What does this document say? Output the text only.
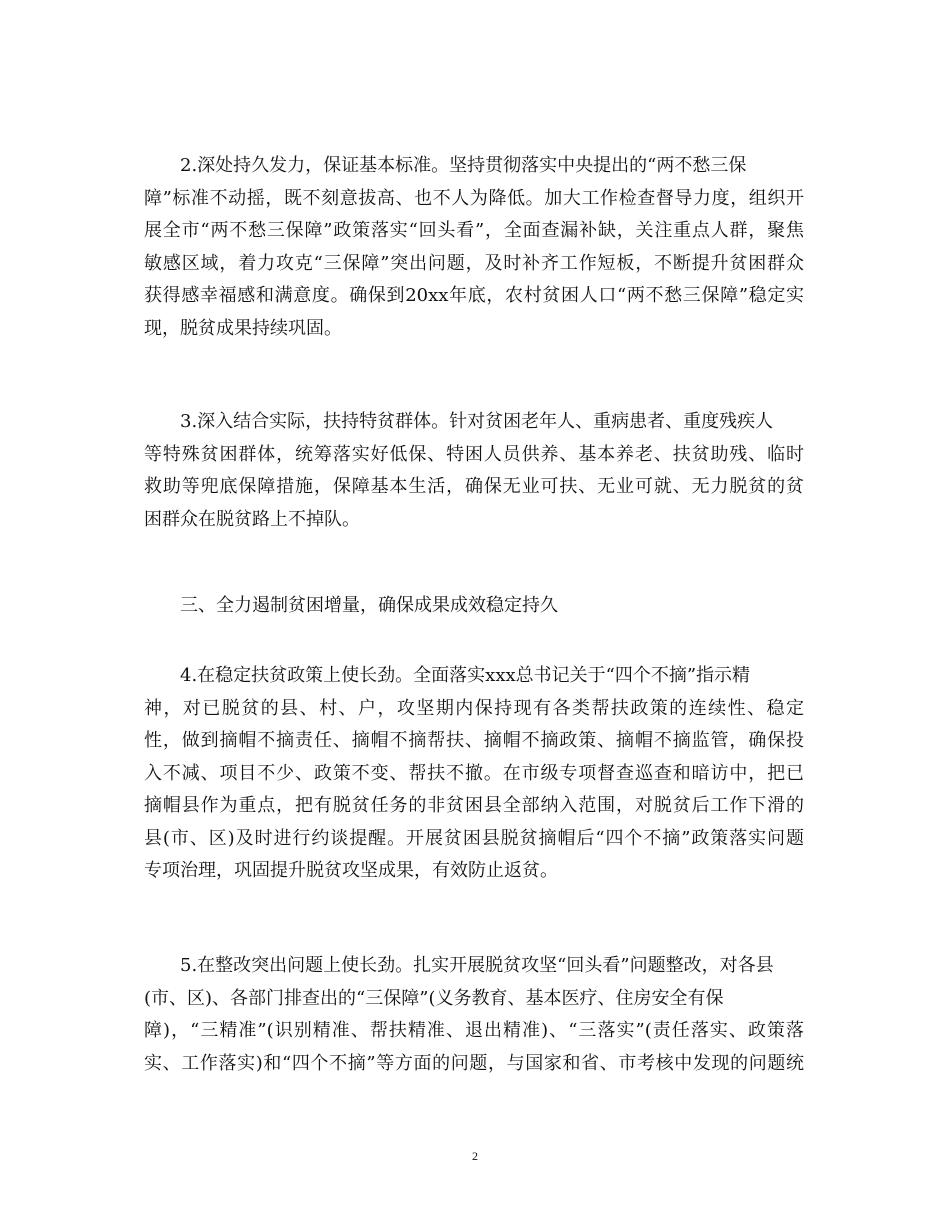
2.深处持久发力，保证基本标准。坚持贯彻落实中央提出的“两不愁三保
障”标准不动摇，既不刻意拔高、也不人为降低。加大工作检查督导力度，组织开
展全市“两不愁三保障”政策落实“回头看”，全面查漏补缺，关注重点人群，聚焦
敏感区域，着力攻克“三保障”突出问题，及时补齐工作短板，不断提升贫困群众
获得感幸福感和满意度。确保到20xx年底，农村贫困人口“两不愁三保障”稳定实
现，脱贫成果持续巩固。
3.深入结合实际，扶持特贫群体。针对贫困老年人、重病患者、重度残疾人
等特殊贫困群体，统筹落实好低保、特困人员供养、基本养老、扶贫助残、临时
救助等兜底保障措施，保障基本生活，确保无业可扶、无业可就、无力脱贫的贫
困群众在脱贫路上不掉队。
三、全力遏制贫困增量，确保成果成效稳定持久
4.在稳定扶贫政策上使长劲。全面落实xxx总书记关于“四个不摘”指示精
神，对已脱贫的县、村、户，攻坚期内保持现有各类帮扶政策的连续性、稳定
性，做到摘帽不摘责任、摘帽不摘帮扶、摘帽不摘政策、摘帽不摘监管，确保投
入不减、项目不少、政策不变、帮扶不撤。在市级专项督查巡查和暗访中，把已
摘帽县作为重点，把有脱贫任务的非贫困县全部纳入范围，对脱贫后工作下滑的
县(市、区)及时进行约谈提醒。开展贫困县脱贫摘帽后“四个不摘”政策落实问题
专项治理，巩固提升脱贫攻坚成果，有效防止返贫。
5.在整改突出问题上使长劲。扎实开展脱贫攻坚“回头看”问题整改，对各县
(市、区)、各部门排查出的“三保障”(义务教育、基本医疗、住房安全有保
障)，“三精准”(识别精准、帮扶精准、退出精准)、“三落实”(责任落实、政策落
实、工作落实)和“四个不摘”等方面的问题，与国家和省、市考核中发现的问题统
2
